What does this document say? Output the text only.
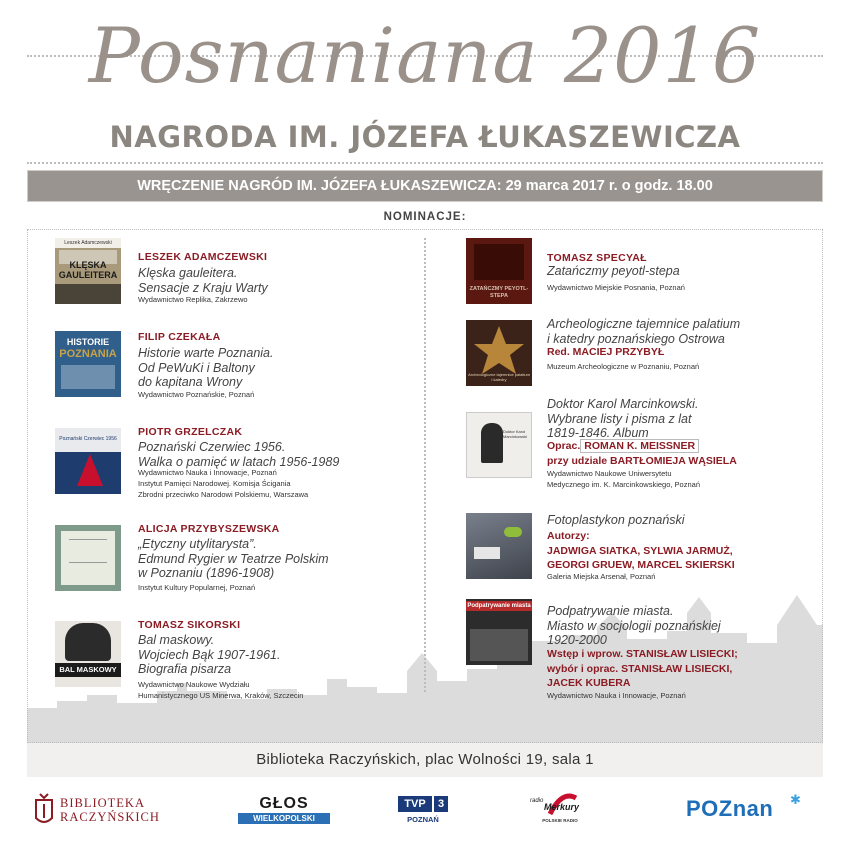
Posnaniana 2016
NAGRODA IM. JÓZEFA ŁUKASZEWICZA
WRĘCZENIE NAGRÓD IM. JÓZEFA ŁUKASZEWICZA: 29 marca 2017 r. o godz. 18.00
NOMINACJE:
Leszek Adamczewski
KLĘSKA
GAULEITERA
LESZEK ADAMCZEWSKI
Klęska gauleitera.
Sensacje z Kraju Warty
Wydawnictwo Replika, Zakrzewo
HISTORIE
POZNANIA
FILIP CZEKAŁA
Historie warte Poznania.
Od PeWuKi i Baltony
do kapitana Wrony
Wydawnictwo Poznańskie, Poznań
Poznański Czerwiec 1956
PIOTR GRZELCZAK
Poznański Czerwiec 1956.
Walka o pamięć w latach 1956-1989
Wydawnictwo Nauka i Innowacje, Poznań
Instytut Pamięci Narodowej. Komisja Ścigania
Zbrodni przeciwko Narodowi Polskiemu, Warszawa
ALICJA PRZYBYSZEWSKA
„Etyczny utylitarysta”.
Edmund Rygier w Teatrze Polskim
w Poznaniu (1896-1908)
Instytut Kultury Popularnej, Poznań
BAL MASKOWY
TOMASZ SIKORSKI
Bal maskowy.
Wojciech Bąk 1907-1961.
Biografia pisarza
Wydawnictwo Naukowe Wydziału
Humanistycznego US Minerwa, Kraków, Szczecin
ZATAŃCZMY PEYOTL-STEPA
TOMASZ SPECYAŁ
Zatańczmy peyotl-stepa
Wydawnictwo Miejskie Posnania, Poznań
Archeologiczne tajemnice palatium i katedry
Archeologiczne tajemnice palatium
i katedry poznańskiego Ostrowa
Red. MACIEJ PRZYBYŁ
Muzeum Archeologiczne w Poznaniu, Poznań
Doktor Karol Marcinkowski
Doktor Karol Marcinkowski.
Wybrane listy i pisma z lat
1819-1846. Album
Oprac. ROMAN K. MEISSNER
przy udziale BARTŁOMIEJA WĄSIELA
Wydawnictwo Naukowe Uniwersytetu
Medycznego im. K. Marcinkowskiego, Poznań
Fotoplastykon poznański
Autorzy:
JADWIGA SIATKA, SYLWIA JARMUŻ,
GEORGI GRUEW, MARCEL SKIERSKI
Galeria Miejska Arsenał, Poznań
Podpatrywanie miasta Podpatrywanie miasta.
Miasto w socjologii poznańskiej
1920-2000
Wstęp i wprow. STANISŁAW LISIECKI;
wybór i oprac. STANISŁAW LISIECKI,
JACEK KUBERA
Wydawnictwo Nauka i Innowacje, Poznań
Biblioteka Raczyńskich, plac Wolności 19, sala 1
BIBLIOTEKA
RACZYŃSKICH
GŁOS
WIELKOPOLSKI
TVP	3
POZNAŃ
radio
Merkury
POLSKIE RADIO	POZnan ✱
